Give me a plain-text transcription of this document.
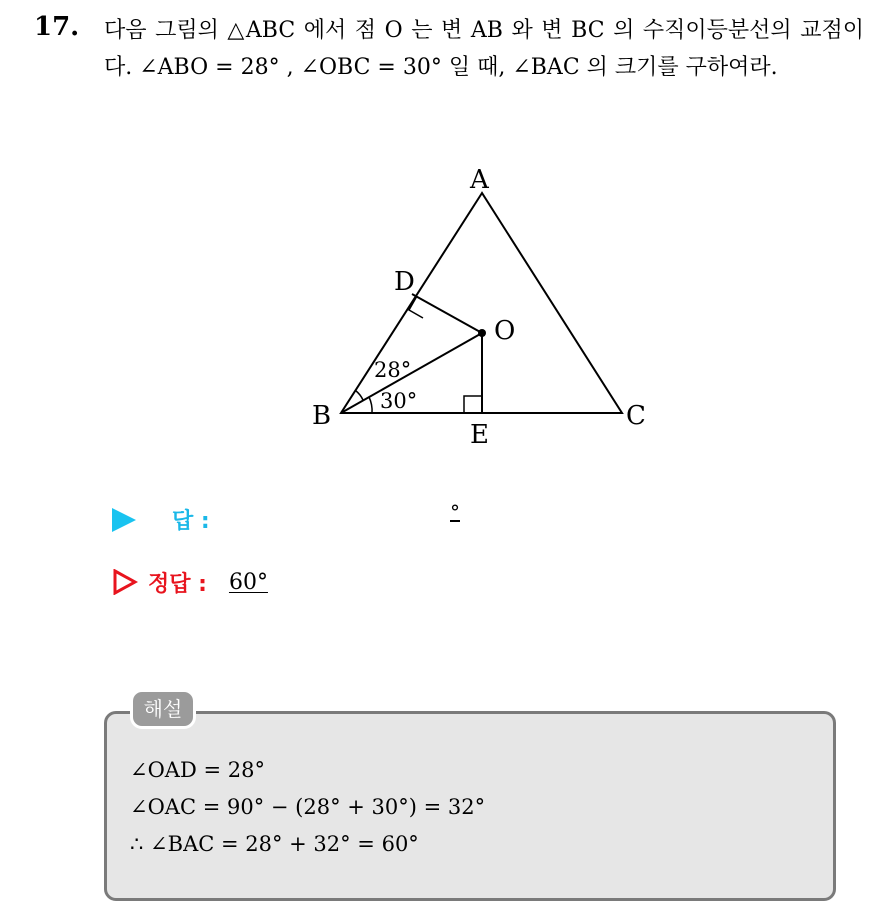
17. 다음 그림의 △ABC 에서 점 O 는 변 AB 와 변 BC 의 수직이등분선의 교점이다. ∠ABO = 28° , ∠OBC = 30° 일 때, ∠BAC 의 크기를 구하여라.
A
B	C
D
E
O
28°
30°
답 :	°
정답 : 60°
해설
∠OAD = 28°
∠OAC = 90° − (28° + 30°) = 32°
∴ ∠BAC = 28° + 32° = 60°
